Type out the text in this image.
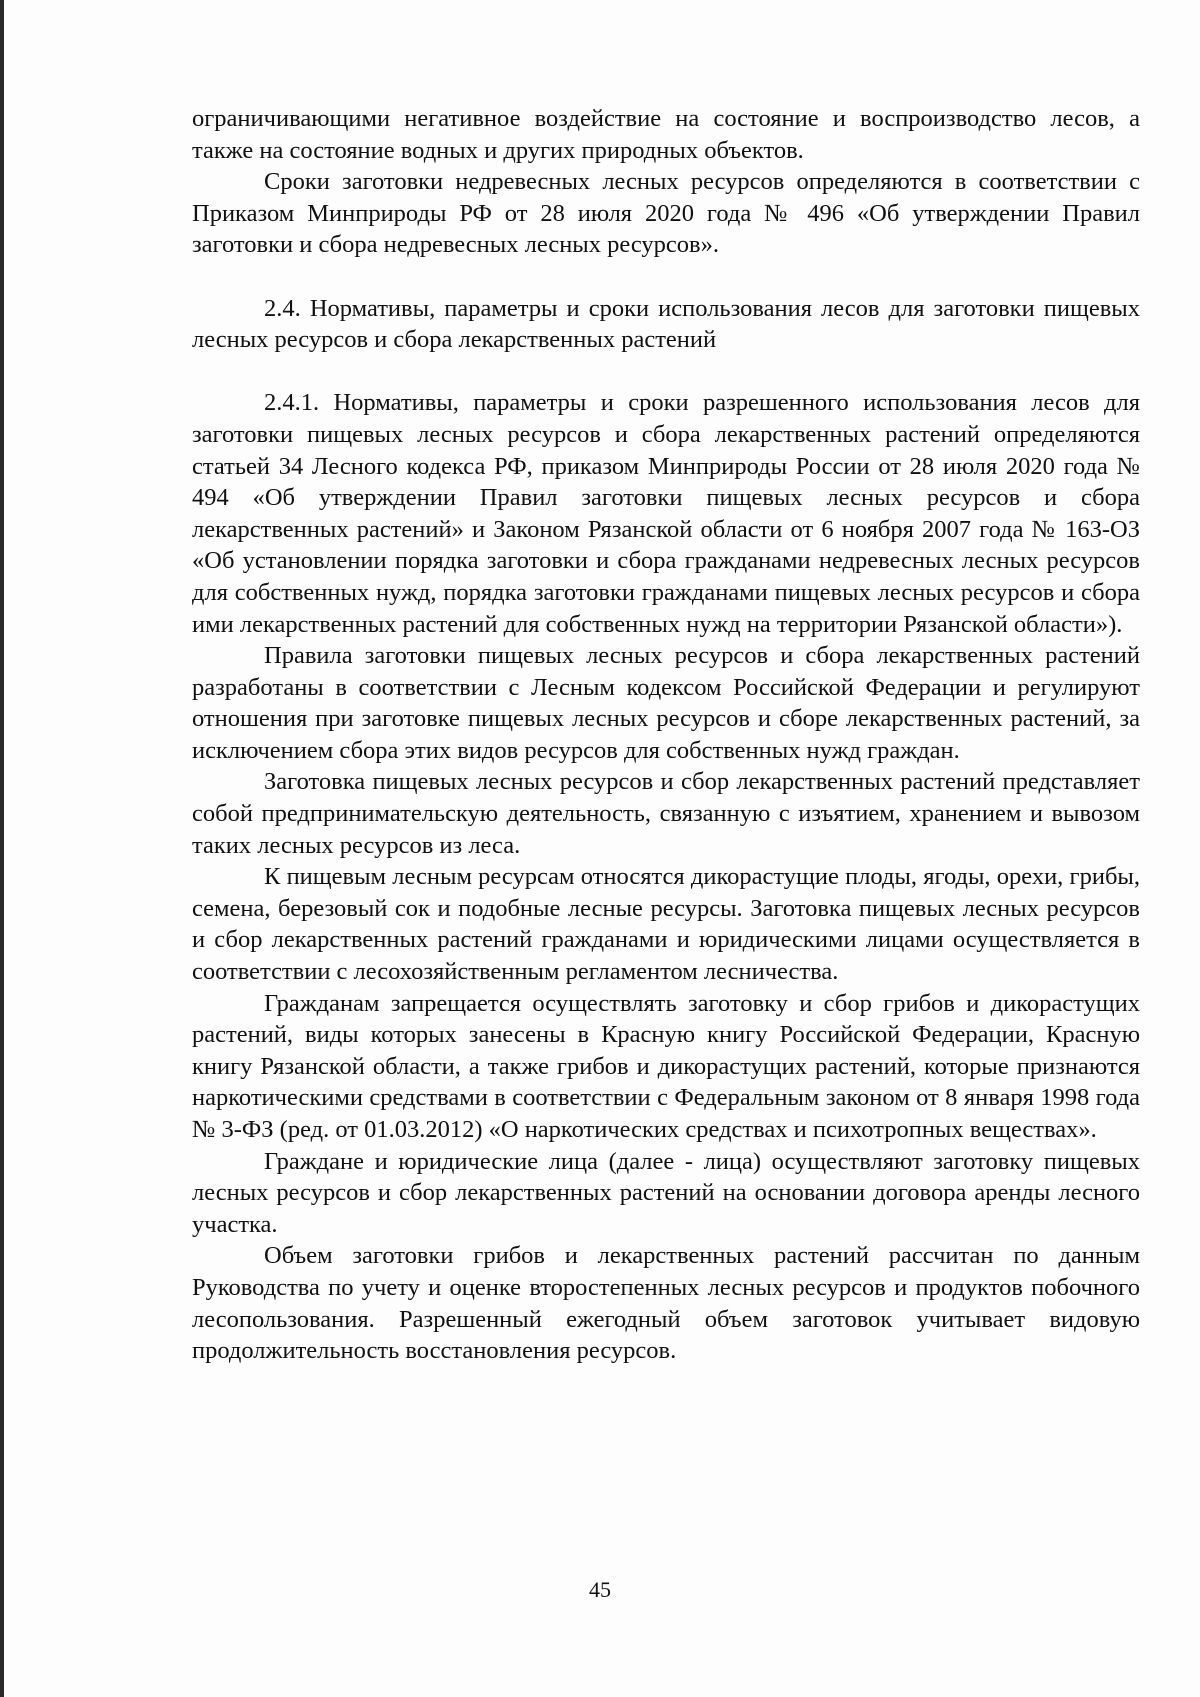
ограничивающими негативное воздействие на состояние и воспроизводство лесов, а также на состояние водных и других природных объектов.

Сроки заготовки недревесных лесных ресурсов определяются в соответствии с Приказом Минприроды РФ от 28 июля 2020 года № 496 «Об утверждении Правил заготовки и сбора недревесных лесных ресурсов».

2.4. Нормативы, параметры и сроки использования лесов для заготовки пищевых лесных ресурсов и сбора лекарственных растений

2.4.1. Нормативы, параметры и сроки разрешенного использования лесов для заготовки пищевых лесных ресурсов и сбора лекарственных растений определяются статьей 34 Лесного кодекса РФ, приказом Минприроды России от 28 июля 2020 года № 494 «Об утверждении Правил заготовки пищевых лесных ресурсов и сбора лекарственных растений» и Законом Рязанской области от 6 ноября 2007 года № 163-ОЗ «Об установлении порядка заготовки и сбора гражданами недревесных лесных ресурсов для собственных нужд, порядка заготовки гражданами пищевых лесных ресурсов и сбора ими лекарственных растений для собственных нужд на территории Рязанской области»).

Правила заготовки пищевых лесных ресурсов и сбора лекарственных растений разработаны в соответствии с Лесным кодексом Российской Федерации и регулируют отношения при заготовке пищевых лесных ресурсов и сборе лекарственных растений, за исключением сбора этих видов ресурсов для собственных нужд граждан.

Заготовка пищевых лесных ресурсов и сбор лекарственных растений представляет собой предпринимательскую деятельность, связанную с изъятием, хранением и вывозом таких лесных ресурсов из леса.

К пищевым лесным ресурсам относятся дикорастущие плоды, ягоды, орехи, грибы, семена, березовый сок и подобные лесные ресурсы. Заготовка пищевых лесных ресурсов и сбор лекарственных растений гражданами и юридическими лицами осуществляется в соответствии с лесохозяйственным регламентом лесничества.

Гражданам запрещается осуществлять заготовку и сбор грибов и дикорастущих растений, виды которых занесены в Красную книгу Российской Федерации, Красную книгу Рязанской области, а также грибов и дикорастущих растений, которые признаются наркотическими средствами в соответствии с Федеральным законом от 8 января 1998 года № 3-ФЗ (ред. от 01.03.2012) «О наркотических средствах и психотропных веществах».

Граждане и юридические лица (далее - лица) осуществляют заготовку пищевых лесных ресурсов и сбор лекарственных растений на основании договора аренды лесного участка.

Объем заготовки грибов и лекарственных растений рассчитан по данным Руководства по учету и оценке второстепенных лесных ресурсов и продуктов побочного лесопользования. Разрешенный ежегодный объем заготовок учитывает видовую продолжительность восстановления ресурсов.

45
